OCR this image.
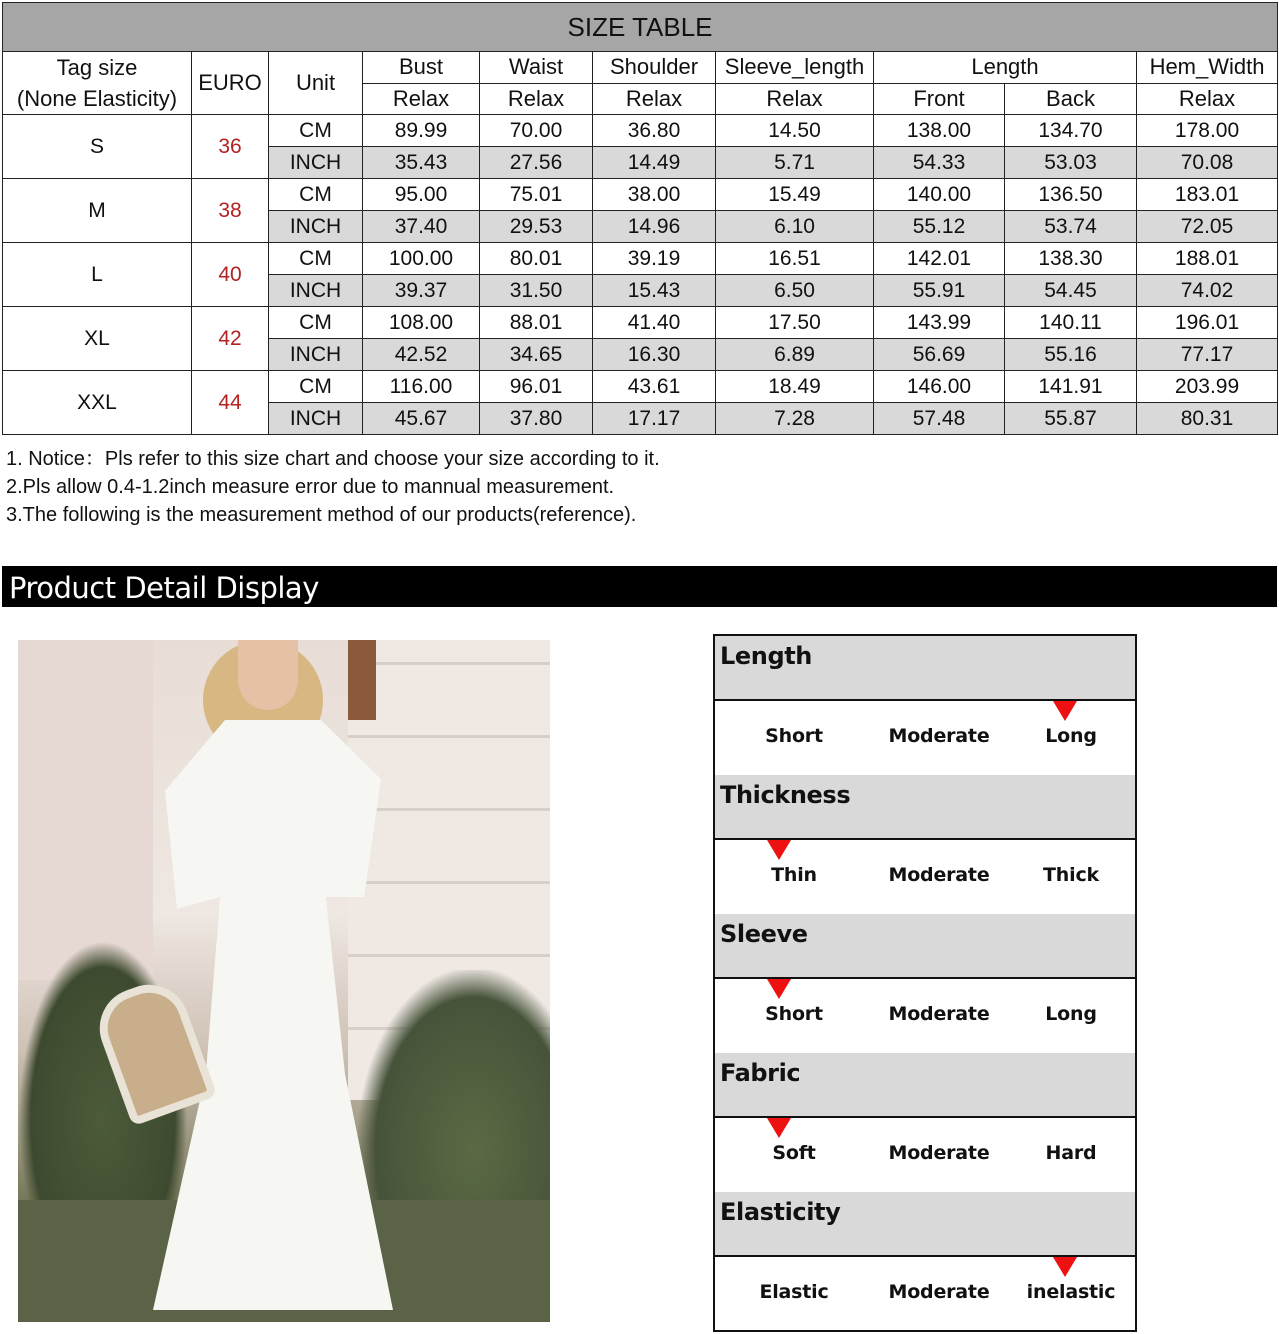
SIZE TABLE									

Tag size
(None Elasticity)	EURO	Unit	Bust	Waist	Shoulder	Sleeve_length	Length		Hem_Width
			Relax	Relax	Relax	Relax	Front	Back	Relax
S	36	CM	89.99	70.00	36.80	14.50	138.00	134.70	178.00
		INCH	35.43	27.56	14.49	5.71	54.33	53.03	70.08
M	38	CM	95.00	75.01	38.00	15.49	140.00	136.50	183.01
		INCH	37.40	29.53	14.96	6.10	55.12	53.74	72.05
L	40	CM	100.00	80.01	39.19	16.51	142.01	138.30	188.01
		INCH	39.37	31.50	15.43	6.50	55.91	54.45	74.02
XL	42	CM	108.00	88.01	41.40	17.50	143.99	140.11	196.01
		INCH	42.52	34.65	16.30	6.89	56.69	55.16	77.17
XXL	44	CM	116.00	96.01	43.61	18.49	146.00	141.91	203.99
		INCH	45.67	37.80	17.17	7.28	57.48	55.87	80.31
1. Notice：Pls refer to this size chart and choose your size according to it.
2.Pls allow 0.4-1.2inch measure error due to mannual measurement.
3.The following is the measurement method of our products(reference).
Product Detail Display
Length
Short	Moderate	Long
Thickness
Thin	Moderate	Thick
Sleeve
Short	Moderate	Long
Fabric
Soft	Moderate	Hard
Elasticity
Elastic	Moderate inelastic
